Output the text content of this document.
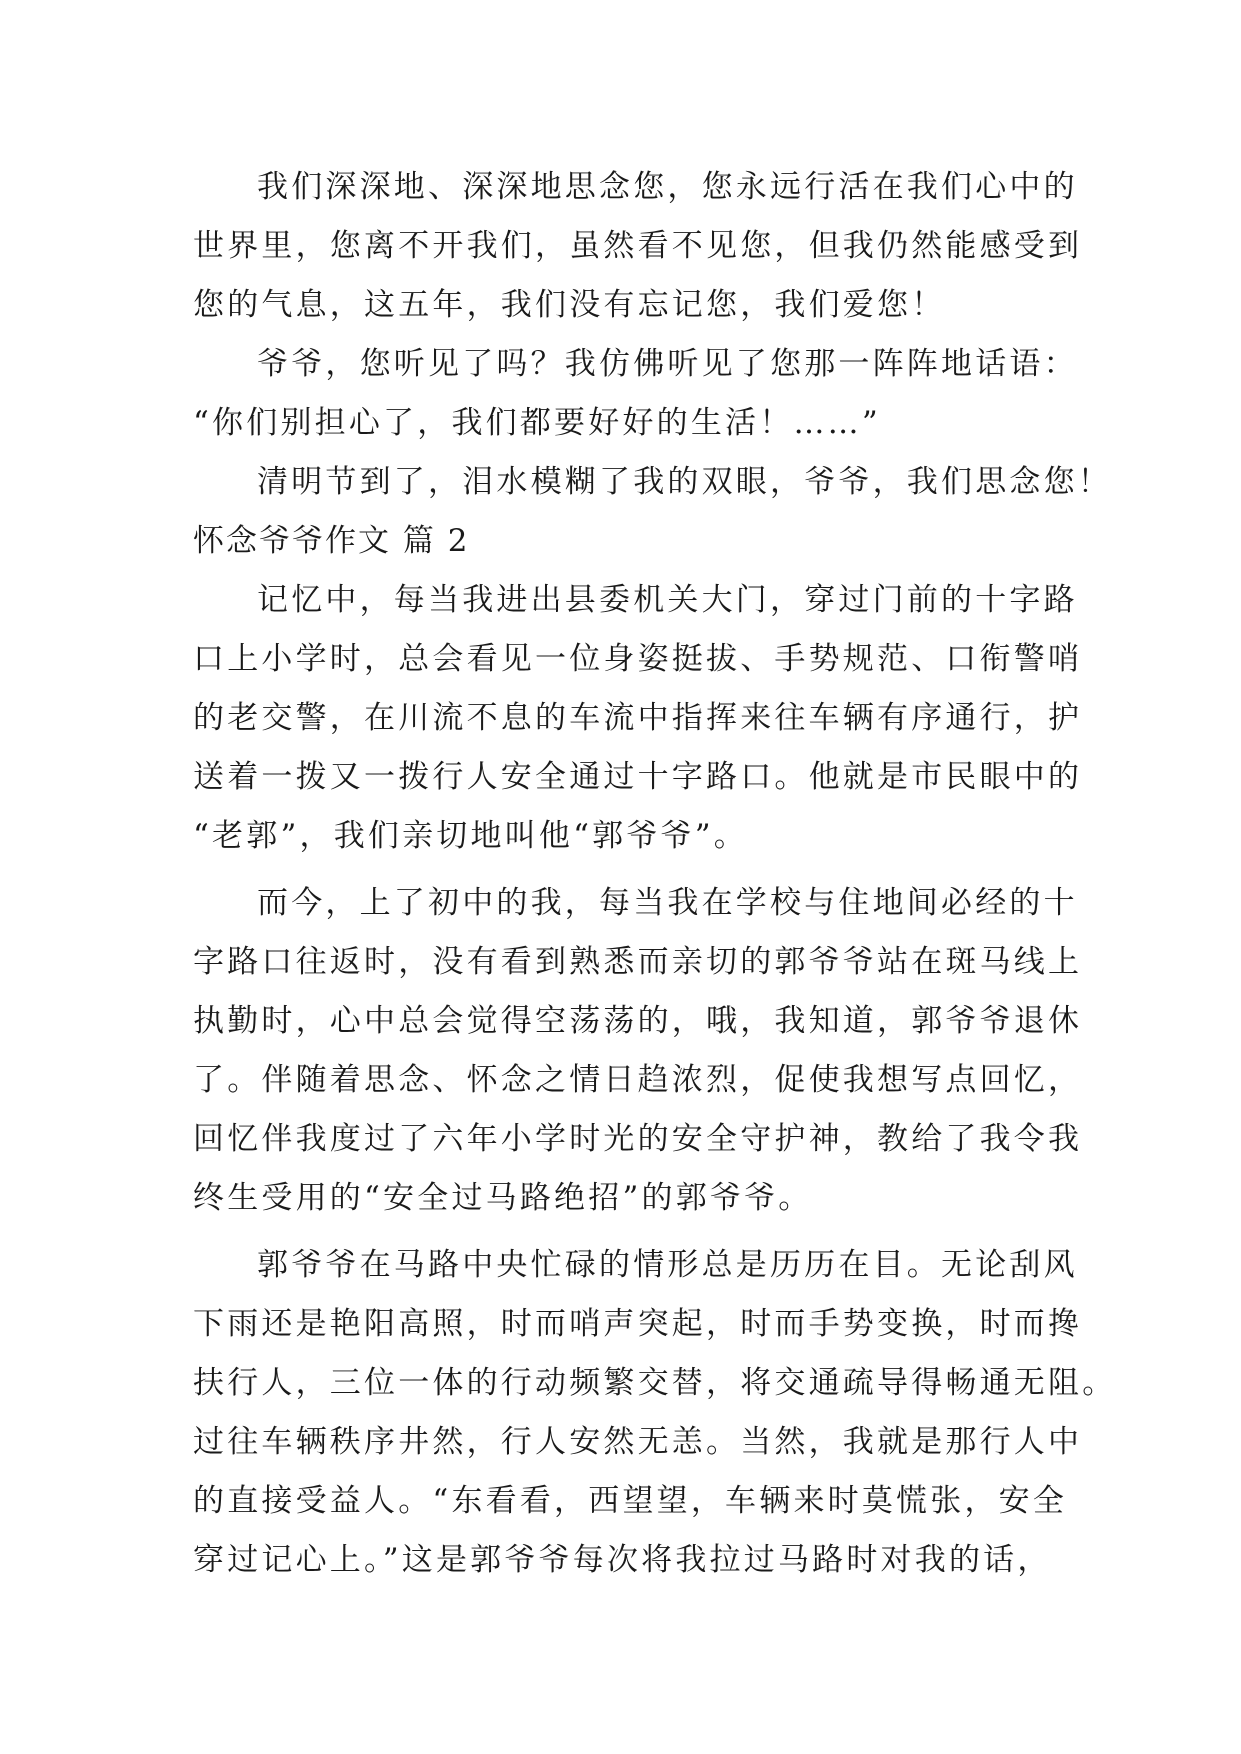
我们深深地、深深地思念您，您永远行活在我们心中的
世界里，您离不开我们，虽然看不见您，但我仍然能感受到
您的气息，这五年，我们没有忘记您，我们爱您！
爷爷，您听见了吗？我仿佛听见了您那一阵阵地话语：
“你们别担心了，我们都要好好的生活！……”
清明节到了，泪水模糊了我的双眼，爷爷，我们思念您！
怀念爷爷作文 篇 2
记忆中，每当我进出县委机关大门，穿过门前的十字路
口上小学时，总会看见一位身姿挺拔、手势规范、口衔警哨
的老交警，在川流不息的车流中指挥来往车辆有序通行，护
送着一拨又一拨行人安全通过十字路口。他就是市民眼中的
“老郭”，我们亲切地叫他“郭爷爷”。
而今，上了初中的我，每当我在学校与住地间必经的十
字路口往返时，没有看到熟悉而亲切的郭爷爷站在斑马线上
执勤时，心中总会觉得空荡荡的，哦，我知道，郭爷爷退休
了。伴随着思念、怀念之情日趋浓烈，促使我想写点回忆，
回忆伴我度过了六年小学时光的安全守护神，教给了我令我
终生受用的“安全过马路绝招”的郭爷爷。
郭爷爷在马路中央忙碌的情形总是历历在目。无论刮风
下雨还是艳阳高照，时而哨声突起，时而手势变换，时而搀
扶行人，三位一体的行动频繁交替，将交通疏导得畅通无阻。
过往车辆秩序井然，行人安然无恙。当然，我就是那行人中
的直接受益人。“东看看，西望望，车辆来时莫慌张，安全
穿过记心上。”这是郭爷爷每次将我拉过马路时对我的话，
